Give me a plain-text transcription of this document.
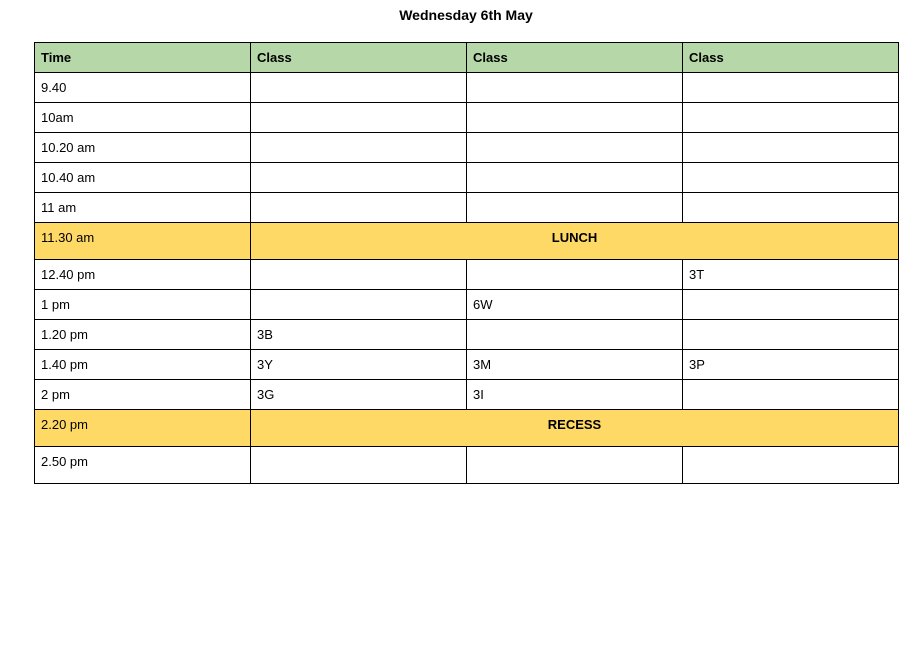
Wednesday 6th May
Time	Class	Class	Class
9.40			
10am			
10.20 am			
10.40 am			
11 am			
11.30 am	LUNCH		
12.40 pm			3T
1 pm		6W	
1.20 pm	3B		
1.40 pm	3Y	3M	3P
2 pm	3G	3I	
2.20 pm	RECESS		
2.50 pm			
